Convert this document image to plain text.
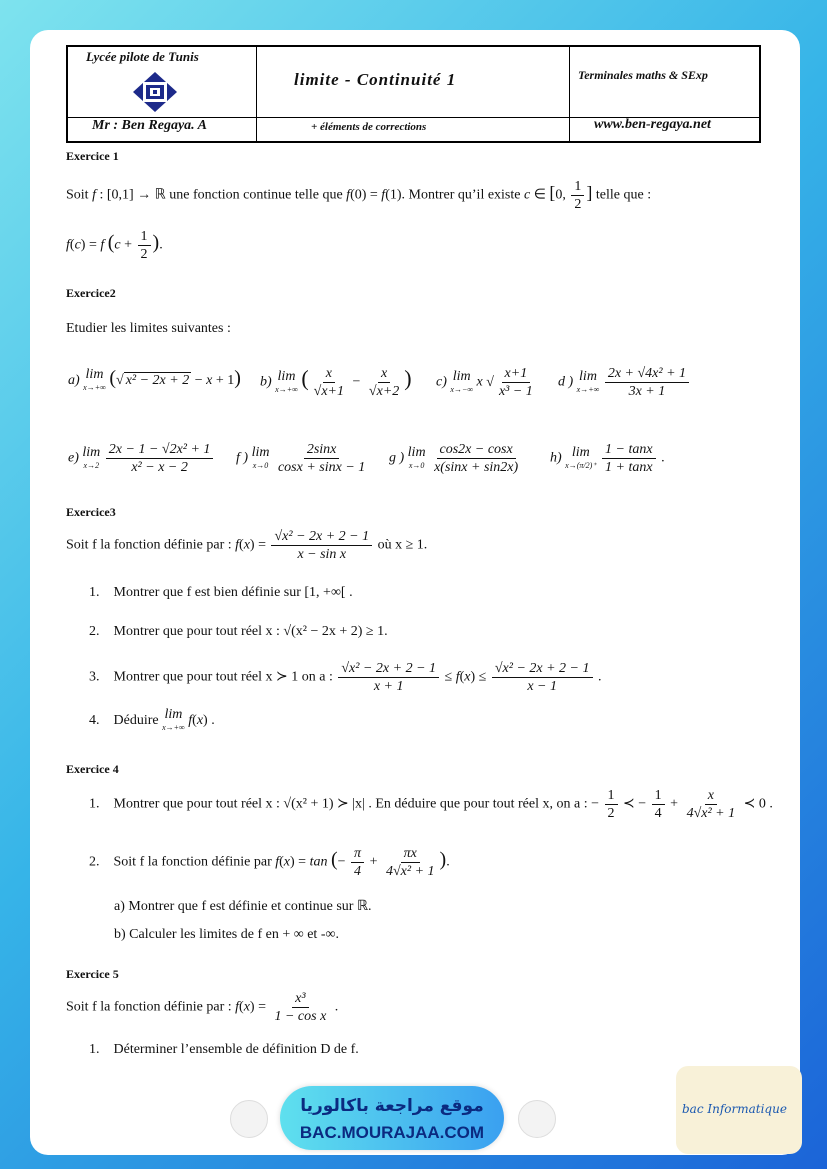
Lycée pilote de Tunis
limite - Continuité 1	Terminales maths & SExp
Mr : Ben Regaya. A	+ éléments de corrections	www.ben-regaya.net
Exercice 1
Soit f : [0,1] → ℝ une fonction continue telle que f(0) = f(1). Montrer qu’il existe c ∈ [0, $\frac{1}{2}$ ] telle que :
f(c) = f ($c + \frac{1}{2}$ ).
Exercice2
Etudier les limites suivantes :
a) lim
x→+∞ (√ x² − 2x + 2 − x + 1) b) lim
x→+∞ ( $\frac{x}{√x+1} - \frac{x}{√x+2}$ ) c) lim
x→−∞ x √ $\frac{x+1}{\text{x³ − 1}}$ d ) lim
x→+∞
$\frac{\text{2x + √4x² + 1}}{3x + 1}$
e) lim
x→2
$\frac{\text{2x − 1 − √2x² + 1}}{\text{x² − x − 2}}$ f ) lim
x→0
$\frac{2\sin x}{\cos x + \sin x - 1}$ g ) lim
x→0
$\frac{\cos 2x - \cos x}{x(\sin x + \sin 2x)} h$) lim
x→(π/2)⁺
$\frac{1 - \tan x}{1 + \tan x}$ .
Exercice3
Soit f la fonction définie par : $f(x) = \frac{\text{√x² − 2x + 2 − 1}}{\text{x − sin x}}$ où x ≥ 1.
1.    Montrer que f est bien définie sur [1, +∞[ .
2.    Montrer que pour tout réel x : √(x² − 2x + 2) ≥ 1.
3.    Montrer que pour tout réel x ≻ 1 on a : $\frac{\text{√x² − 2x + 2 − 1}}{x + 1} \le f(x) \le \frac{\text{√x² − 2x + 2 − 1}}{x - 1}$ .
4.    Déduire lim
x→+∞ f(x) .
Exercice 4
1.    Montrer que pour tout réel x : √(x² + 1) ≻ |x| . En déduire que pour tout réel x, on a : − $\frac{1}{2}$ ≺ − $\frac{1}{4} + \frac{x}{\text{4√x² + 1}}$ ≺ 0 .
2.    Soit f la fonction définie par f(x) = tan (− $\frac{\pi}{4} + \frac{\pi x}{\text{4√x² + 1}}$ ).
a) Montrer que f est définie et continue sur ℝ.
b) Calculer les limites de f en + ∞ et -∞.
Exercice 5
Soit f la fonction définie par : $f(x) = \frac{\text{x³}}{\text{1 − cos x}}$ .
1.    Déterminer l’ensemble de définition D de f.
موقع مراجعة باكالوريا
BAC.MOURAJAA.COM
bac Informatique
